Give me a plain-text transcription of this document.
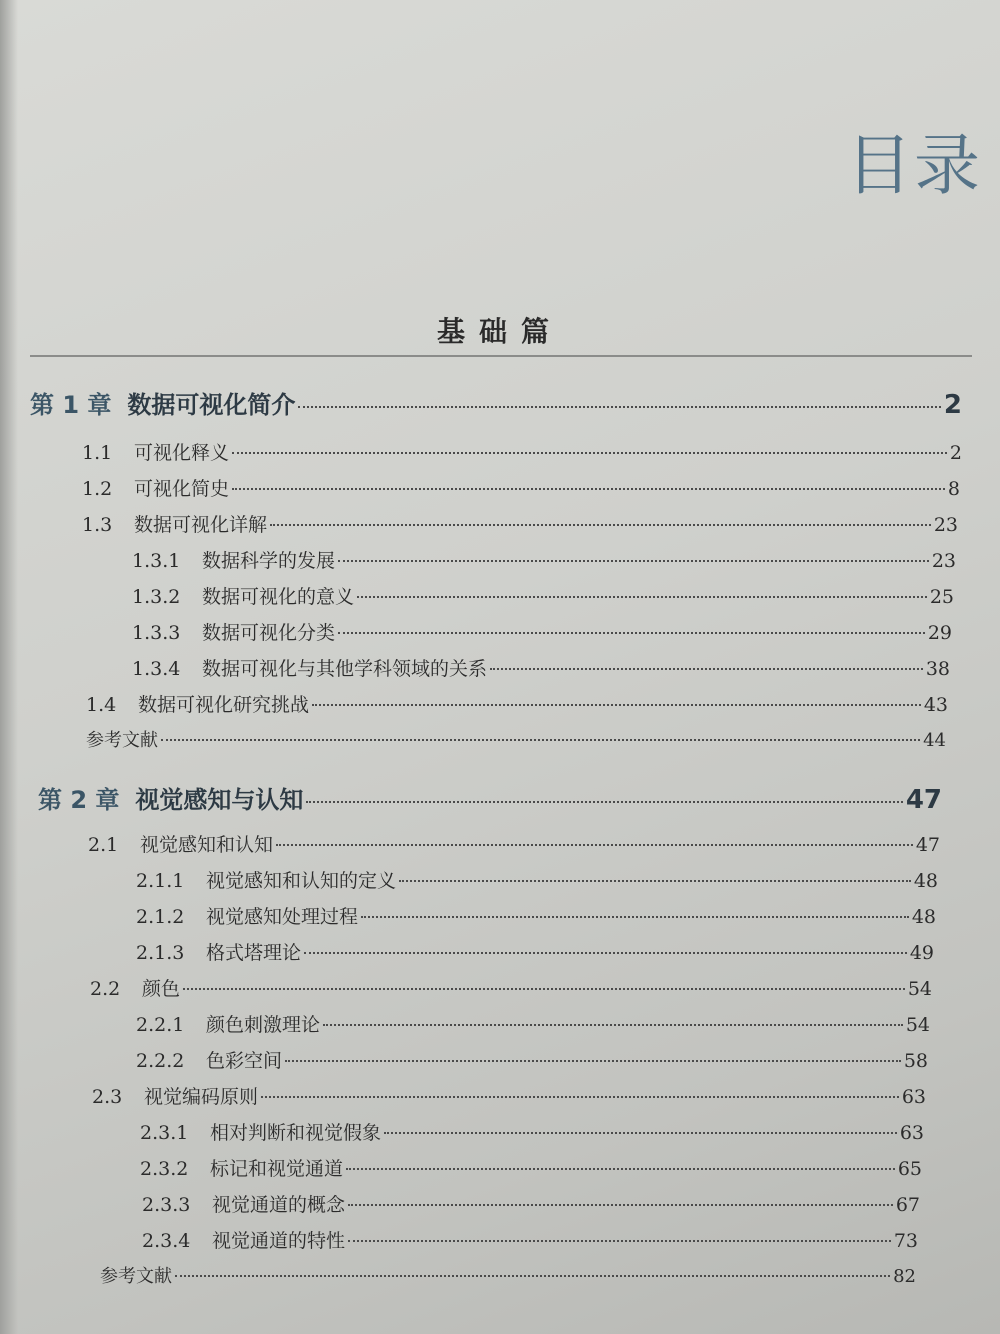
目录
基础篇
第 1 章 数据可视化简介	2
1.1	可视化释义	2
1.2	可视化简史	8
1.3	数据可视化详解	23
1.3.1	数据科学的发展	23
1.3.2	数据可视化的意义	25
1.3.3	数据可视化分类	29
1.3.4	数据可视化与其他学科领域的关系	38
1.4	数据可视化研究挑战	43
参考文献	44
第 2 章 视觉感知与认知	47
2.1	视觉感知和认知	47
2.1.1	视觉感知和认知的定义	48
2.1.2	视觉感知处理过程	48
2.1.3	格式塔理论	49
2.2	颜色	54
2.2.1	颜色刺激理论	54
2.2.2	色彩空间	58
2.3	视觉编码原则	63
2.3.1	相对判断和视觉假象	63
2.3.2	标记和视觉通道	65
2.3.3	视觉通道的概念	67
2.3.4	视觉通道的特性	73
参考文献	82
